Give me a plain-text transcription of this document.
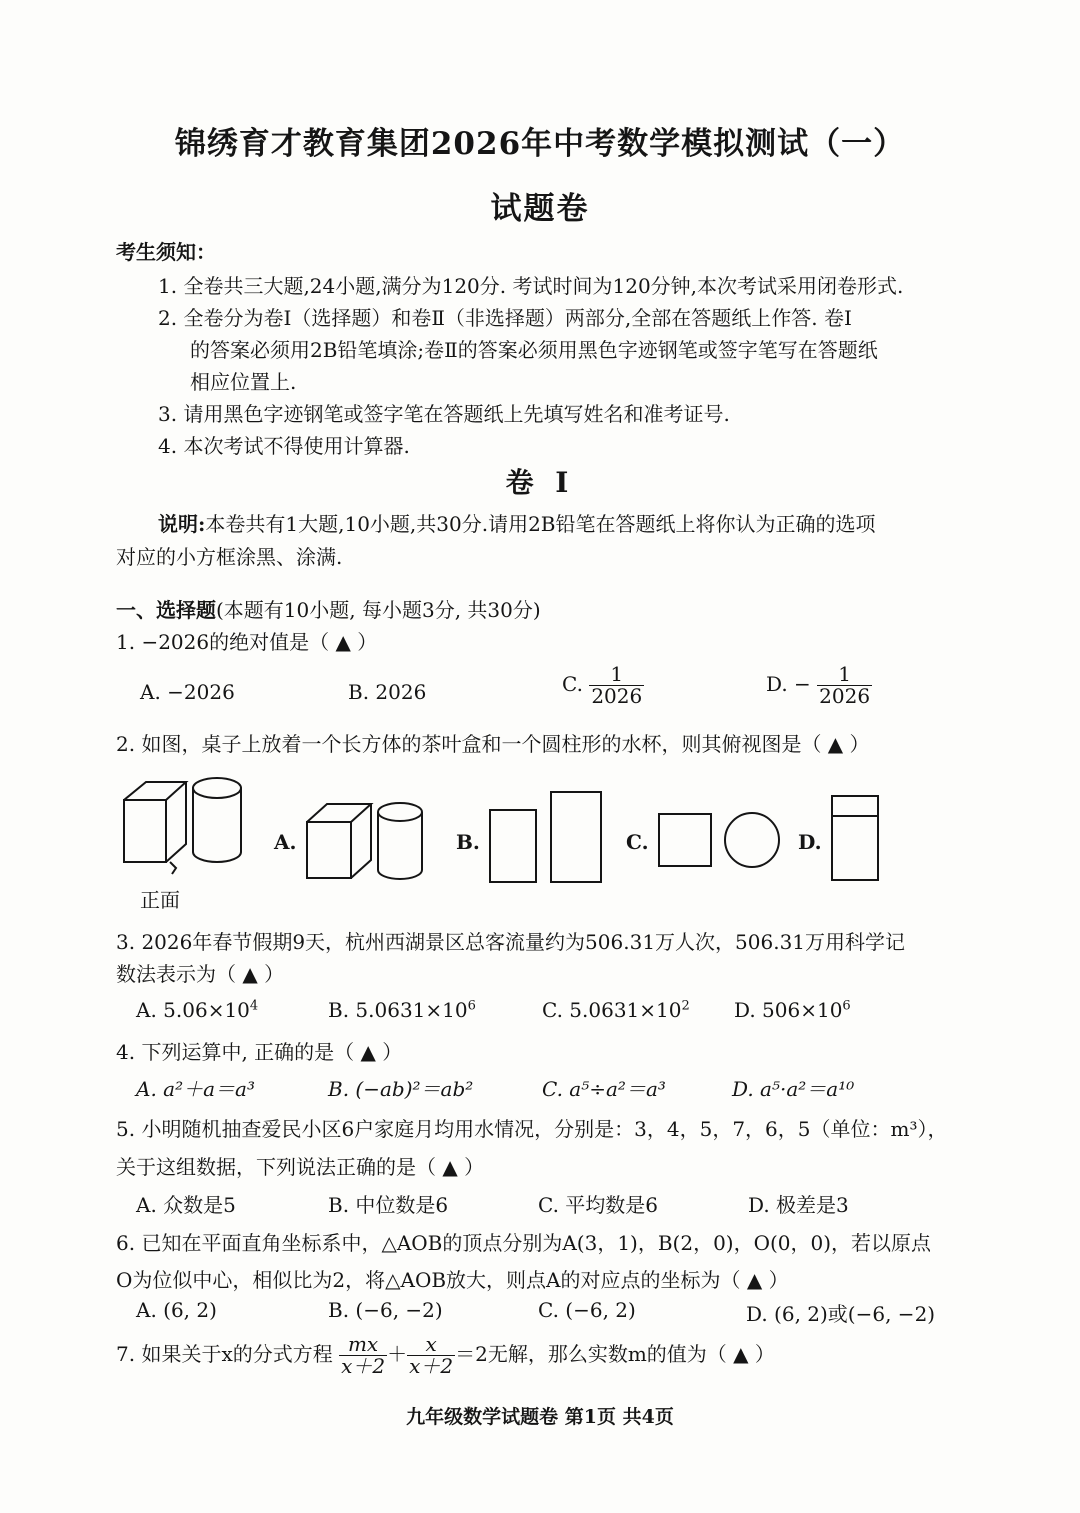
锦绣育才教育集团2026年中考数学模拟测试（一）
试题卷
考生须知：
1. 全卷共三大题,24小题,满分为120分. 考试时间为120分钟,本次考试采用闭卷形式.
2. 全卷分为卷Ⅰ（选择题）和卷Ⅱ（非选择题）两部分,全部在答题纸上作答. 卷Ⅰ
的答案必须用2B铅笔填涂;卷Ⅱ的答案必须用黑色字迹钢笔或签字笔写在答题纸
相应位置上.
3. 请用黑色字迹钢笔或签字笔在答题纸上先填写姓名和准考证号.
4. 本次考试不得使用计算器.
卷 Ⅰ
说明:本卷共有1大题,10小题,共30分.请用2B铅笔在答题纸上将你认为正确的选项
对应的小方框涂黑、涂满.
一、选择题(本题有10小题, 每小题3分, 共30分)
1. −2026的绝对值是（ ▲ ）
A. −2026	B. 2026	C. $\frac{1}{2026}$	D. − $\frac{1}{2026}$
2. 如图，桌子上放着一个长方体的茶叶盒和一个圆柱形的水杯，则其俯视图是（ ▲ ）
正面
A.	B.	C.	D.
3. 2026年春节假期9天，杭州西湖景区总客流量约为506.31万人次，506.31万用科学记
数法表示为（ ▲ ）
A. $5.06\times 10^4$	B. $5.0631\times 10^6$	C. $5.0631\times 10^2$ D. $506\times 10^6$
4. 下列运算中, 正确的是（ ▲ ）
A. a²＋a＝a³	B. (−ab)²＝ab²	C. a⁵÷a²＝a³	D. a⁵·a²＝a¹⁰
5. 小明随机抽查爱民小区6户家庭月均用水情况，分别是：3，4，5，7，6，5（单位：m³），
关于这组数据，下列说法正确的是（ ▲ ）
A. 众数是5	B. 中位数是6	C. 平均数是6	D. 极差是3
6. 已知在平面直角坐标系中，△AOB的顶点分别为A(3，1)，B(2，0)，O(0，0)，若以原点
O为位似中心，相似比为2，将△AOB放大，则点A的对应点的坐标为（ ▲ ）
A. (6, 2)	B. (−6, −2)	C. (−6, 2)	D. (6, 2)或(−6, −2)
7. 如果关于x的分式方程 $\frac{mx}{x+2} + \frac{x}{x+2} =2$无解，那么实数m的值为（ ▲ ）
九年级数学试题卷 第1页 共4页
